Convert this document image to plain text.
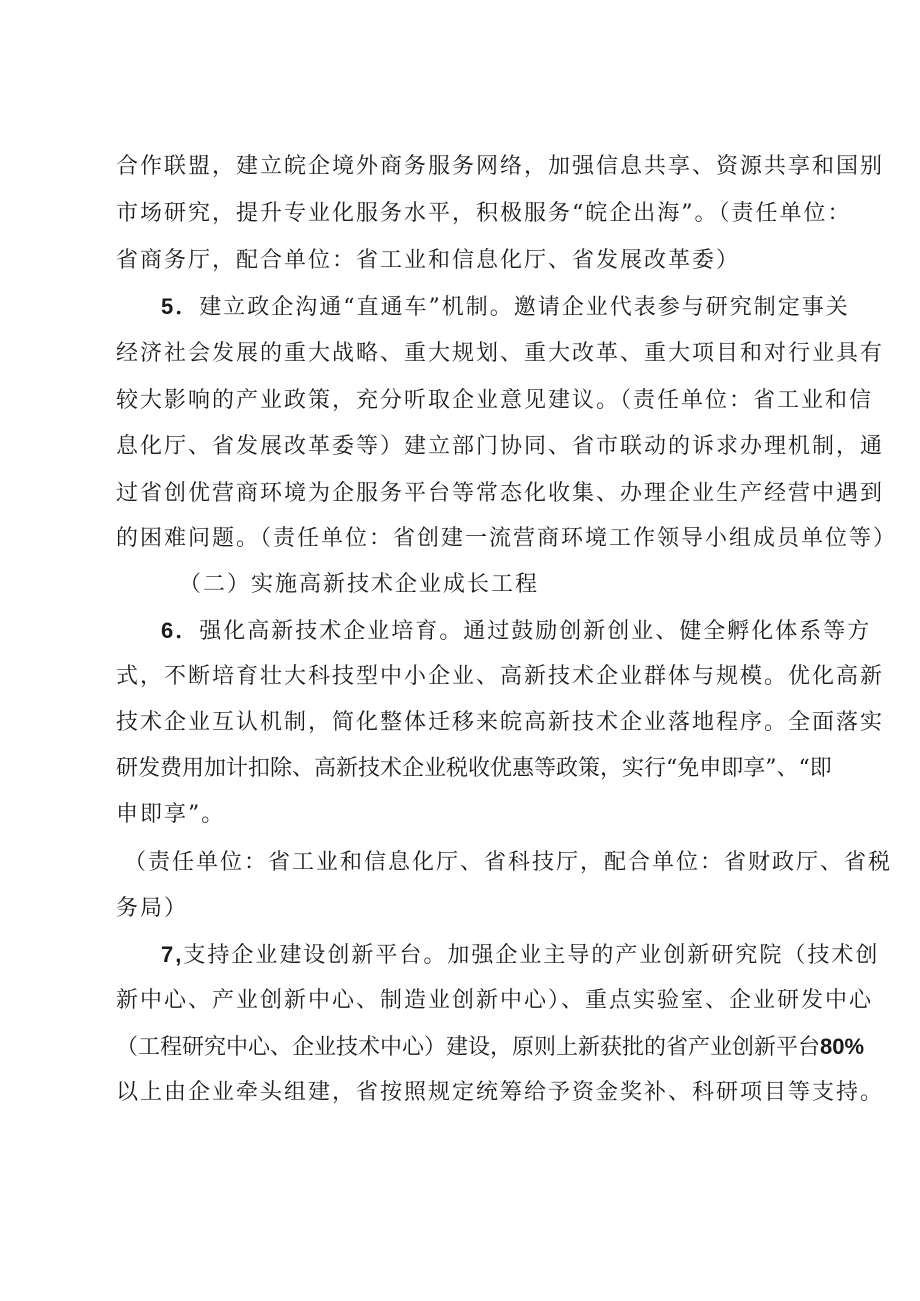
合作联盟，建立皖企境外商务服务网络，加强信息共享、资源共享和国别
市场研究，提升专业化服务水平，积极服务“皖企出海”。（责任单位：
省商务厅，配合单位：省工业和信息化厅、省发展改革委）
5．建立政企沟通“直通车”机制。邀请企业代表参与研究制定事关
经济社会发展的重大战略、重大规划、重大改革、重大项目和对行业具有
较大影响的产业政策，充分听取企业意见建议。（责任单位：省工业和信
息化厅、省发展改革委等）建立部门协同、省市联动的诉求办理机制，通
过省创优营商环境为企服务平台等常态化收集、办理企业生产经营中遇到
的困难问题。（责任单位：省创建一流营商环境工作领导小组成员单位等）
（二）实施高新技术企业成长工程
6．强化高新技术企业培育。通过鼓励创新创业、健全孵化体系等方
式，不断培育壮大科技型中小企业、高新技术企业群体与规模。优化高新
技术企业互认机制，简化整体迁移来皖高新技术企业落地程序。全面落实
研发费用加计扣除、高新技术企业税收优惠等政策，实行“免申即享”、“即
申即享”。
（责任单位：省工业和信息化厅、省科技厅，配合单位：省财政厅、省税
务局）
7,支持企业建设创新平台。加强企业主导的产业创新研究院（技术创
新中心、产业创新中心、制造业创新中心）、重点实验室、企业研发中心
（工程研究中心、企业技术中心）建设，原则上新获批的省产业创新平台80%
以上由企业牵头组建，省按照规定统筹给予资金奖补、科研项目等支持。
